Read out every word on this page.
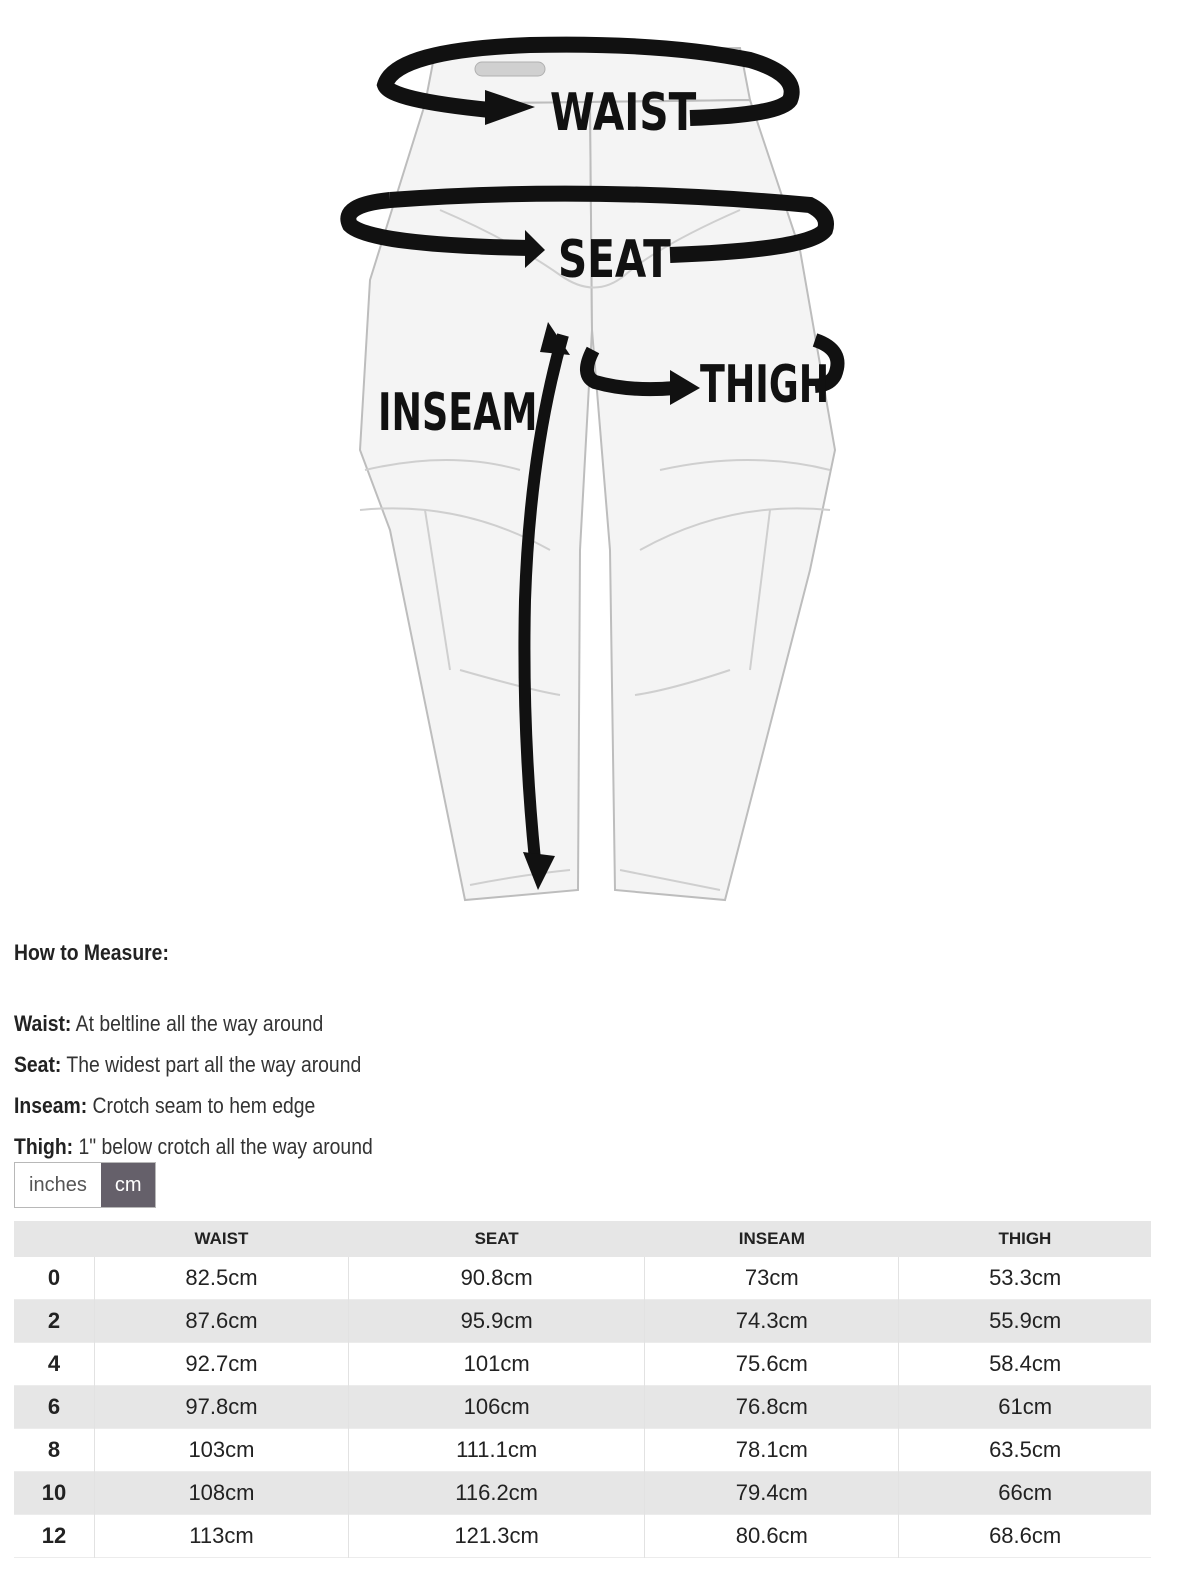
WAIST
SEAT
INSEAM	THIGH
How to Measure:
Waist: At beltline all the way around
Seat: The widest part all the way around
Inseam: Crotch seam to hem edge
Thigh: 1" below crotch all the way around
inches	cm
	WAIST	SEAT	INSEAM	THIGH
0	82.5cm	90.8cm	73cm	53.3cm
2	87.6cm	95.9cm	74.3cm	55.9cm
4	92.7cm	101cm	75.6cm	58.4cm
6	97.8cm	106cm	76.8cm	61cm
8	103cm	111.1cm	78.1cm	63.5cm
10	108cm	116.2cm	79.4cm	66cm
12	113cm	121.3cm	80.6cm	68.6cm
